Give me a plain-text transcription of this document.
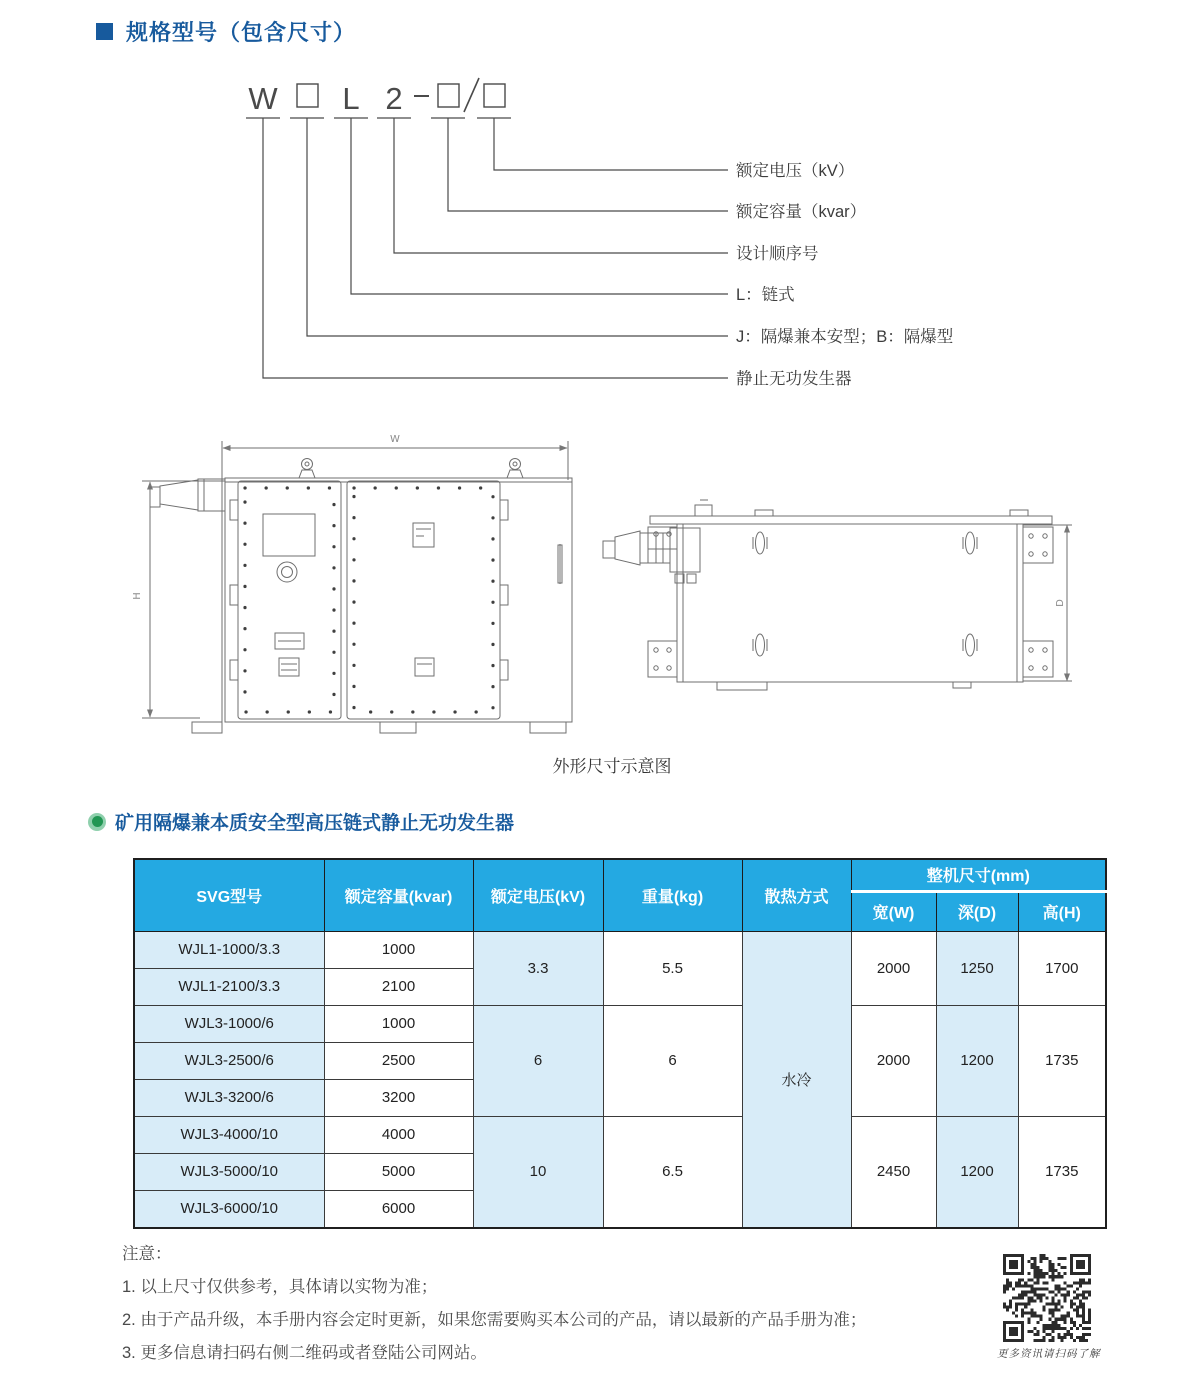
规格型号（包含尺寸）
W L 2
额定电压（kV）
额定容量（kvar）
设计顺序号
L：链式
J：隔爆兼本安型；B：隔爆型
静止无功发生器
W
H
D
外形尺寸示意图
矿用隔爆兼本质安全型高压链式静止无功发生器
SVG型号	额定容量(kvar)	额定电压(kV)	重量(kg)	散热方式	整机尺寸(mm)		
					宽(W)	深(D)	高(H)
WJL1-1000/3.3	1000	3.3	5.5	水冷	2000	1250	1700
WJL1-2100/3.3	2100						
WJL3-1000/6	1000	6	6		2000	1200	1735
WJL3-2500/6	2500						
WJL3-3200/6	3200						
WJL3-4000/10	4000	10	6.5		2450	1200	1735
WJL3-5000/10	5000						
WJL3-6000/10	6000						
注意：
1. 以上尺寸仅供参考，具体请以实物为准；
2. 由于产品升级，本手册内容会定时更新，如果您需要购买本公司的产品，请以最新的产品手册为准；
3. 更多信息请扫码右侧二维码或者登陆公司网站。	更多资讯请扫码了解
